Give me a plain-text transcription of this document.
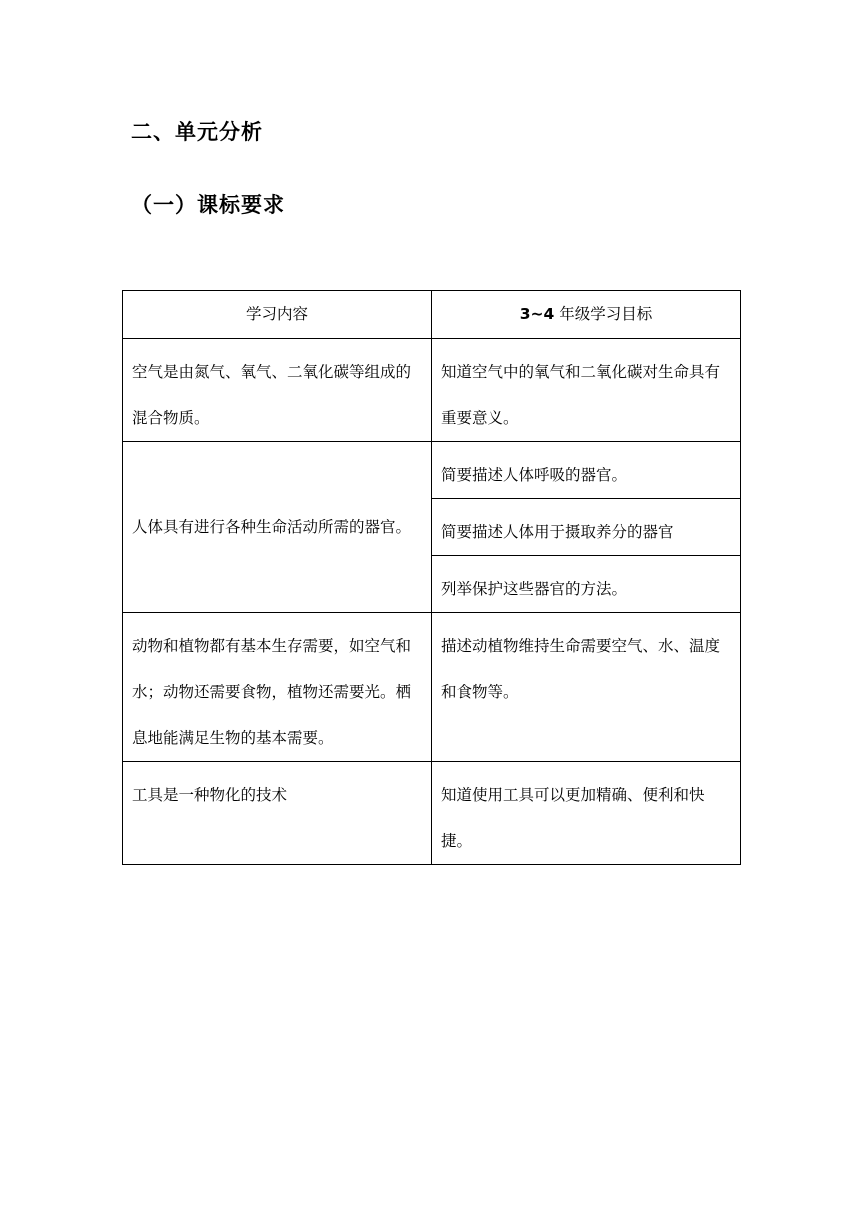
二、单元分析
（一）课标要求
学习内容	3~4 年级学习目标
空气是由氮气、氧气、二氧化碳等组成的混合物质。	知道空气中的氧气和二氧化碳对生命具有重要意义。
人体具有进行各种生命活动所需的器官。	简要描述人体呼吸的器官。
	简要描述人体用于摄取养分的器官
	列举保护这些器官的方法。
动物和植物都有基本生存需要，如空气和水；动物还需要食物，植物还需要光。栖息地能满足生物的基本需要。	描述动植物维持生命需要空气、水、温度和食物等。
工具是一种物化的技术	知道使用工具可以更加精确、便利和快捷。
